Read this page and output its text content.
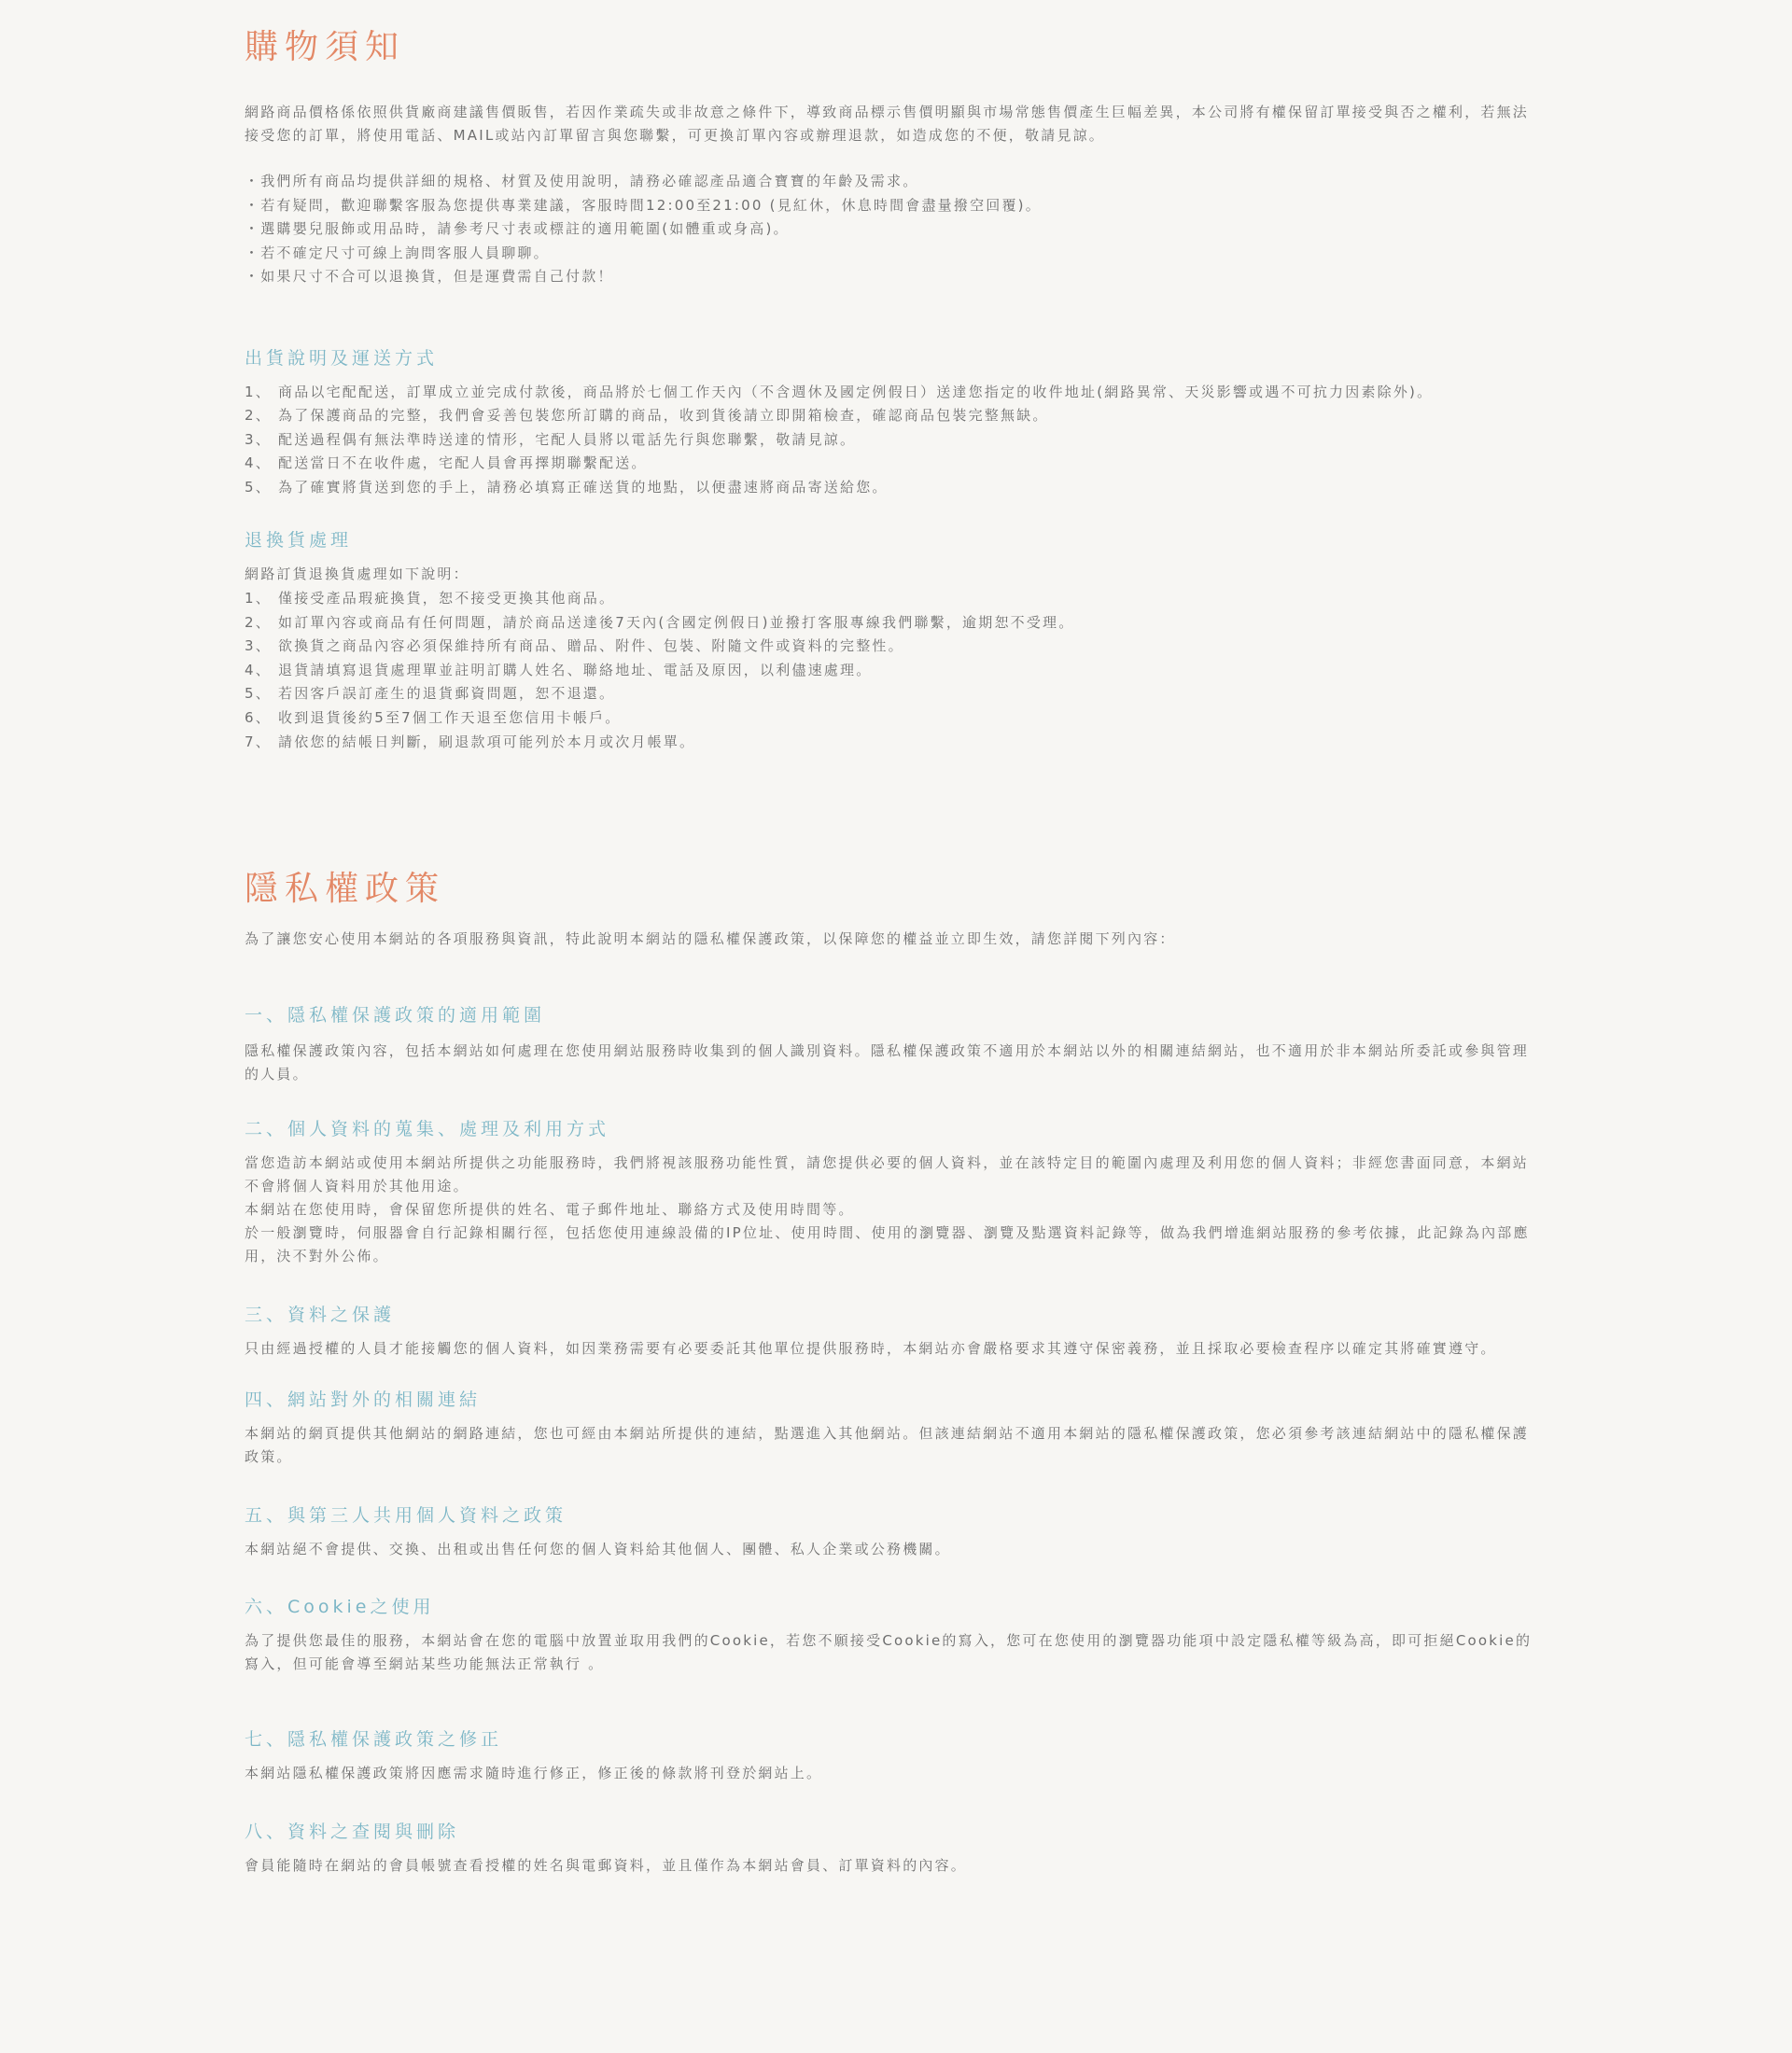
購物須知

網路商品價格係依照供貨廠商建議售價販售，若因作業疏失或非故意之條件下，導致商品標示售價明顯與市場常態售價產生巨幅差異，本公司將有權保留訂單接受與否之權利，若無法接受您的訂單，將使用電話、MAIL或站內訂單留言與您聯繫，可更換訂單內容或辦理退款，如造成您的不便，敬請見諒。

・我們所有商品均提供詳細的規格、材質及使用說明，請務必確認產品適合寶寶的年齡及需求。
・若有疑問，歡迎聯繫客服為您提供專業建議，客服時間12:00至21:00 (見紅休，休息時間會盡量撥空回覆)。
・選購嬰兒服飾或用品時，請參考尺寸表或標註的適用範圍(如體重或身高)。
・若不確定尺寸可線上詢問客服人員聊聊。
・如果尺寸不合可以退換貨，但是運費需自己付款！
出貨說明及運送方式
1、 商品以宅配配送，訂單成立並完成付款後，商品將於七個工作天內（不含週休及國定例假日）送達您指定的收件地址(網路異常、天災影響或遇不可抗力因素除外)。
2、 為了保護商品的完整，我們會妥善包裝您所訂購的商品，收到貨後請立即開箱檢查，確認商品包裝完整無缺。
3、 配送過程偶有無法準時送達的情形，宅配人員將以電話先行與您聯繫，敬請見諒。
4、 配送當日不在收件處，宅配人員會再擇期聯繫配送。
5、 為了確實將貨送到您的手上，請務必填寫正確送貨的地點，以便盡速將商品寄送給您。
退換貨處理

網路訂貨退換貨處理如下說明：

1、 僅接受產品瑕疵換貨，恕不接受更換其他商品。
2、 如訂單內容或商品有任何問題，請於商品送達後7天內(含國定例假日)並撥打客服專線我們聯繫，逾期恕不受理。
3、 欲換貨之商品內容必須保維持所有商品、贈品、附件、包裝、附隨文件或資料的完整性。
4、 退貨請填寫退貨處理單並註明訂購人姓名、聯絡地址、電話及原因，以利儘速處理。
5、 若因客戶誤訂產生的退貨郵資問題，恕不退還。
6、 收到退貨後約5至7個工作天退至您信用卡帳戶。
7、 請依您的結帳日判斷，刷退款項可能列於本月或次月帳單。
隱私權政策

為了讓您安心使用本網站的各項服務與資訊，特此說明本網站的隱私權保護政策，以保障您的權益並立即生效，請您詳閱下列內容：

一、隱私權保護政策的適用範圍

隱私權保護政策內容，包括本網站如何處理在您使用網站服務時收集到的個人識別資料。隱私權保護政策不適用於本網站以外的相關連結網站，也不適用於非本網站所委託或參與管理的人員。

二、個人資料的蒐集、處理及利用方式

當您造訪本網站或使用本網站所提供之功能服務時，我們將視該服務功能性質，請您提供必要的個人資料，並在該特定目的範圍內處理及利用您的個人資料；非經您書面同意，本網站不會將個人資料用於其他用途。

本網站在您使用時，會保留您所提供的姓名、電子郵件地址、聯絡方式及使用時間等。

於一般瀏覽時，伺服器會自行記錄相關行徑，包括您使用連線設備的IP位址、使用時間、使用的瀏覽器、瀏覽及點選資料記錄等，做為我們增進網站服務的參考依據，此記錄為內部應用，決不對外公佈。

三、資料之保護

只由經過授權的人員才能接觸您的個人資料，如因業務需要有必要委託其他單位提供服務時，本網站亦會嚴格要求其遵守保密義務，並且採取必要檢查程序以確定其將確實遵守。

四、網站對外的相關連結

本網站的網頁提供其他網站的網路連結，您也可經由本網站所提供的連結，點選進入其他網站。但該連結網站不適用本網站的隱私權保護政策，您必須參考該連結網站中的隱私權保護政策。

五、與第三人共用個人資料之政策

本網站絕不會提供、交換、出租或出售任何您的個人資料給其他個人、團體、私人企業或公務機關。

六、Cookie之使用

為了提供您最佳的服務，本網站會在您的電腦中放置並取用我們的Cookie，若您不願接受Cookie的寫入，您可在您使用的瀏覽器功能項中設定隱私權等級為高，即可拒絕Cookie的寫入，但可能會導至網站某些功能無法正常執行 。

七、隱私權保護政策之修正

本網站隱私權保護政策將因應需求隨時進行修正，修正後的條款將刊登於網站上。

八、資料之查閱與刪除

會員能隨時在網站的會員帳號查看授權的姓名與電郵資料，並且僅作為本網站會員、訂單資料的內容。
